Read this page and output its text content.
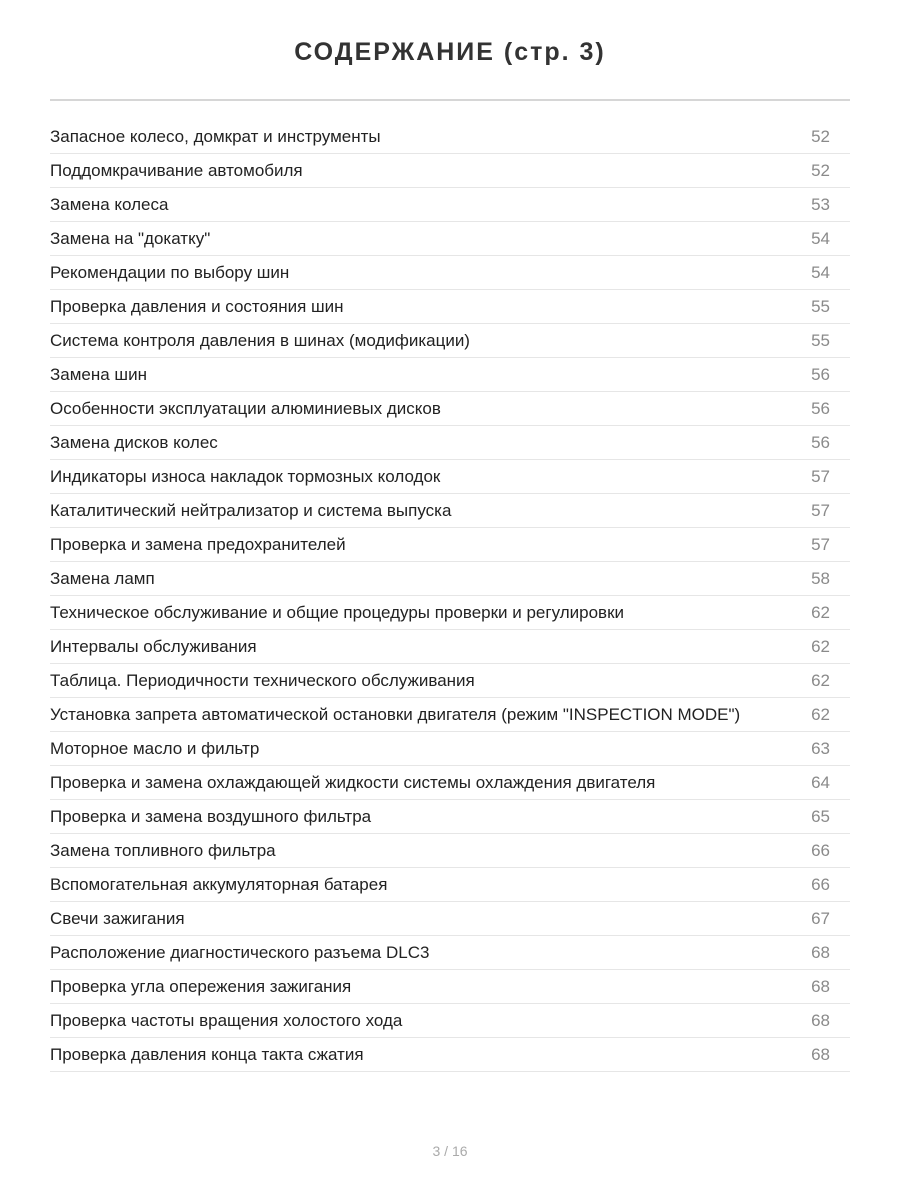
СОДЕРЖАНИЕ (стр. 3)
Запасное колесо, домкрат и инструменты	52
Поддомкрачивание автомобиля	52
Замена колеса	53
Замена на "докатку"	54
Рекомендации по выбору шин	54
Проверка давления и состояния шин	55
Система контроля давления в шинах (модификации)	55
Замена шин	56
Особенности эксплуатации алюминиевых дисков	56
Замена дисков колес	56
Индикаторы износа накладок тормозных колодок	57
Каталитический нейтрализатор и система выпуска	57
Проверка и замена предохранителей	57
Замена ламп	58
Техническое обслуживание и общие процедуры проверки и регулировки	62
Интервалы обслуживания	62
Таблица. Периодичности технического обслуживания	62
Установка запрета автоматической остановки двигателя (режим "INSPECTION MODE")	62
Моторное масло и фильтр	63
Проверка и замена охлаждающей жидкости системы охлаждения двигателя	64
Проверка и замена воздушного фильтра	65
Замена топливного фильтра	66
Вспомогательная аккумуляторная батарея	66
Свечи зажигания	67
Расположение диагностического разъема DLC3	68
Проверка угла опережения зажигания	68
Проверка частоты вращения холостого хода	68
Проверка давления конца такта сжатия	68
3 / 16
